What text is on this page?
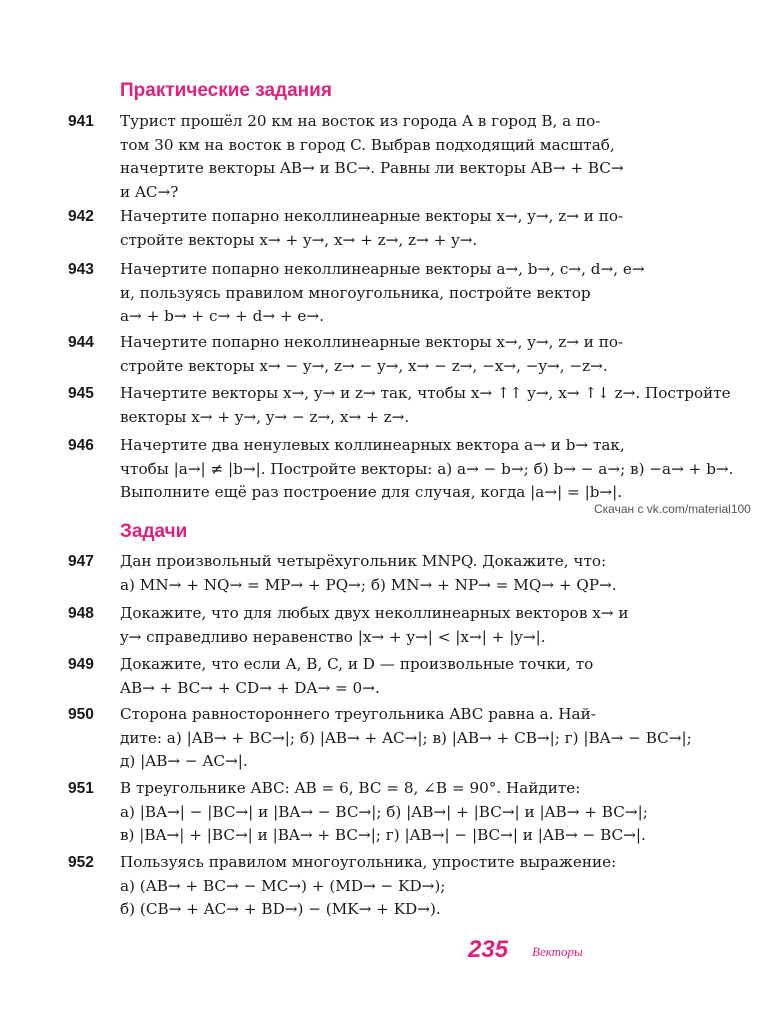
Практические задания
941	Турист прошёл 20 км на восток из города A в город B, а по-
том 30 км на восток в город C. Выбрав подходящий масштаб,
начертите векторы AB→ и BC→. Равны ли векторы AB→ + BC→
и AC→?
942	Начертите попарно неколлинеарные векторы x→, y→, z→ и по-
стройте векторы x→ + y→, x→ + z→, z→ + y→.
943	Начертите попарно неколлинеарные векторы a→, b→, c→, d→, e→
и, пользуясь правилом многоугольника, постройте вектор
a→ + b→ + c→ + d→ + e→.
944	Начертите попарно неколлинеарные векторы x→, y→, z→ и по-
стройте векторы x→ − y→, z→ − y→, x→ − z→, −x→, −y→, −z→.
945	Начертите векторы x→, y→ и z→ так, чтобы x→ ↑↑ y→, x→ ↑↓ z→. Постройте
векторы x→ + y→, y→ − z→, x→ + z→.
946	Начертите два ненулевых коллинеарных вектора a→ и b→ так,
чтобы |a→| ≠ |b→|. Постройте векторы: а) a→ − b→; б) b→ − a→; в) −a→ + b→.
Выполните ещё раз построение для случая, когда |a→| = |b→|.
Скачан с vk.com/material100
Задачи
947	Дан произвольный четырёхугольник MNPQ. Докажите, что:
а) MN→ + NQ→ = MP→ + PQ→; б) MN→ + NP→ = MQ→ + QP→.
948	Докажите, что для любых двух неколлинеарных векторов x→ и
y→ справедливо неравенство |x→ + y→| < |x→| + |y→|.
949	Докажите, что если A, B, C, и D — произвольные точки, то
AB→ + BC→ + CD→ + DA→ = 0→.
950	Сторона равностороннего треугольника ABC равна a. Най-
дите: а) |AB→ + BC→|; б) |AB→ + AC→|; в) |AB→ + CB→|; г) |BA→ − BC→|;
д) |AB→ − AC→|.
951	В треугольнике ABC: AB = 6, BC = 8, ∠B = 90°. Найдите:
а) |BA→| − |BC→| и |BA→ − BC→|; б) |AB→| + |BC→| и |AB→ + BC→|;
в) |BA→| + |BC→| и |BA→ + BC→|; г) |AB→| − |BC→| и |AB→ − BC→|.
952	Пользуясь правилом многоугольника, упростите выражение:
а) (AB→ + BC→ − MC→) + (MD→ − KD→);
б) (CB→ + AC→ + BD→) − (MK→ + KD→).
235 Векторы
